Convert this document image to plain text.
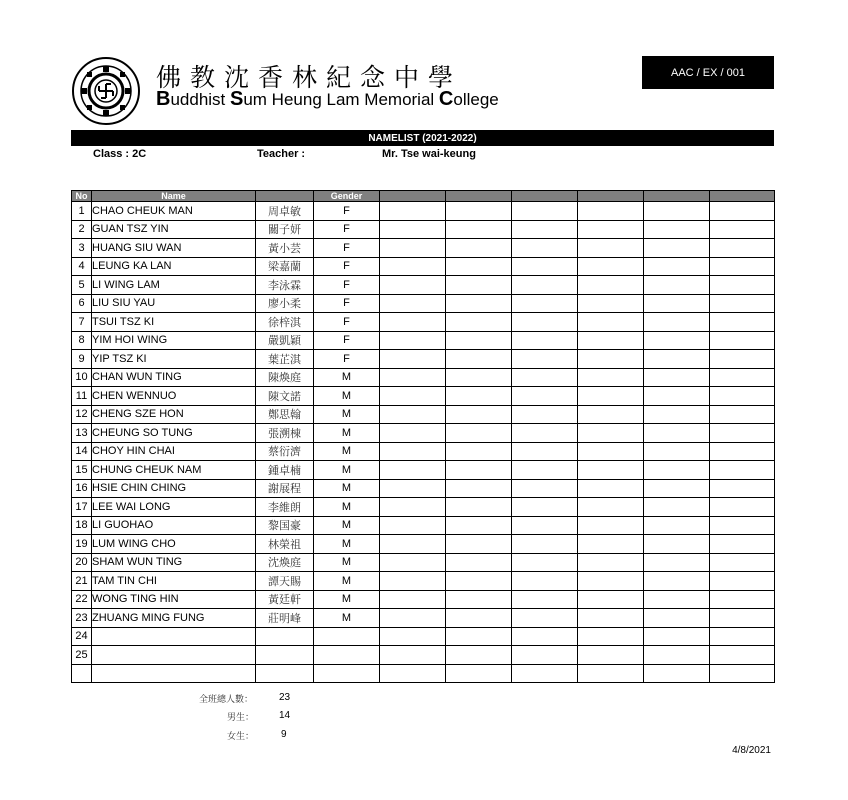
佛教沈香林紀念中學
Buddhist Sum Heung Lam Memorial College
AAC / EX / 001
NAMELIST (2021-2022)
Class : 2C	Teacher :	Mr. Tse wai-keung
No	Name		Gender						
1	CHAO CHEUK MAN	周卓敏	F						
2	GUAN TSZ YIN	關子妍	F						
3	HUANG SIU WAN	黃小芸	F						
4	LEUNG KA LAN	梁嘉蘭	F						
5	LI WING LAM	李泳霖	F						
6	LIU SIU YAU	廖小柔	F						
7	TSUI TSZ KI	徐梓淇	F						
8	YIM HOI WING	嚴凱穎	F						
9	YIP TSZ KI	葉芷淇	F						
10	CHAN WUN TING	陳煥庭	M						
11	CHEN WENNUO	陳文諾	M						
12	CHENG SZE HON	鄭思翰	M						
13	CHEUNG SO TUNG	張溯棟	M						
14	CHOY HIN CHAI	蔡衍濟	M						
15	CHUNG CHEUK NAM	鍾卓楠	M						
16	HSIE CHIN CHING	謝展程	M						
17	LEE WAI LONG	李維朗	M						
18	LI GUOHAO	黎国豪	M						
19	LUM WING CHO	林榮祖	M						
20	SHAM WUN TING	沈煥庭	M						
21	TAM TIN CHI	譚天賜	M						
22	WONG TING HIN	黃廷軒	M						
23	ZHUANG MING FUNG	莊明峰	M						
24									
25									

全班總人數：	23
男生： 14
女生：	9
4/8/2021
